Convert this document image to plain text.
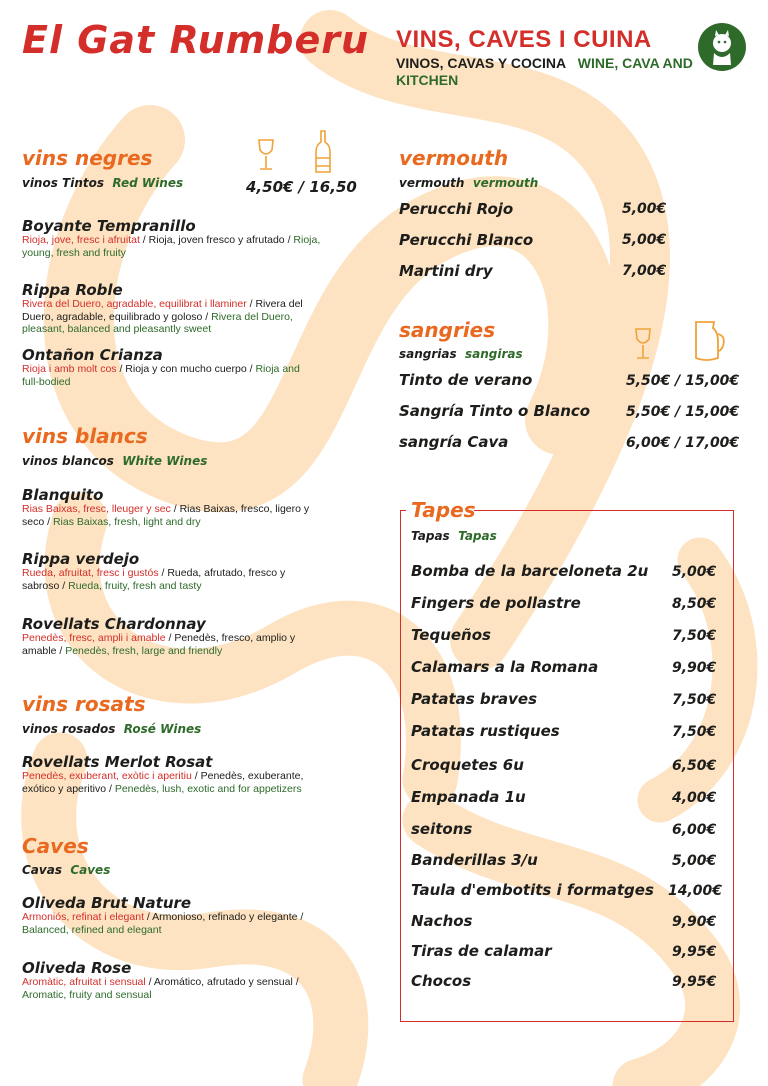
El Gat Rumberu VINS, CAVES I CUINA
VINOS, CAVAS Y COCINA WINE, CAVA AND KITCHEN
vins negres
vinos Tintos Red Wines	4,50€ / 16,50
Boyante Tempranillo
Rioja, jove, fresc i afruitat / Rioja, joven fresco y afrutado / Rioja, young, fresh and fruity
Rippa Roble
Rivera del Duero, agradable, equilibrat i llaminer / Rivera del Duero, agradable, equilibrado y goloso / Rivera del Duero, pleasant, balanced and pleasantly sweet
Ontañon Crianza
Rioja i amb molt cos / Rioja y con mucho cuerpo / Rioja and full-bodied
vins blancs
vinos blancos White Wines
Blanquito
Rias Baixas, fresc, lleuger y sec / Rias Baixas, fresco, ligero y seco / Rias Baixas, fresh, light and dry
Rippa verdejo
Rueda, afruitat, fresc i gustós / Rueda, afrutado, fresco y sabroso / Rueda, fruity, fresh and tasty
Rovellats Chardonnay
Penedès, fresc, ampli i amable / Penedès, fresco, amplio y amable / Penedès, fresh, large and friendly
vins rosats
vinos rosados Rosé Wines
Rovellats Merlot Rosat
Penedès, exuberant, exòtic i aperitiu / Penedès, exuberante, exótico y aperitivo / Penedès, lush, exotic and for appetizers
Caves
Cavas Caves
Oliveda Brut Nature
Armoniós, refinat i elegant / Armonioso, refinado y elegante / Balanced, refined and elegant
Oliveda Rose
Aromàtic, afruitat i sensual / Aromático, afrutado y sensual / Aromatic, fruity and sensual
vermouth
vermouth vermouth
Perucchi Rojo	5,00€
Perucchi Blanco	5,00€
Martini dry	7,00€
sangries
sangrias sangiras
Tinto de verano	5,50€ / 15,00€
Sangría Tinto o Blanco	5,50€ / 15,00€
sangría Cava	6,00€ / 17,00€
Tapes
Tapas Tapas
Bomba de la barceloneta 2u 5,00€
Fingers de pollastre	8,50€
Tequeños	7,50€
Calamars a la Romana	9,90€
Patatas braves	7,50€
Patatas rustiques	7,50€
Croquetes 6u	6,50€
Empanada 1u	4,00€
seitons	6,00€
Banderillas 3/u	5,00€
Taula d'embotits i formatges 14,00€
Nachos	9,90€
Tiras de calamar	9,95€
Chocos	9,95€
